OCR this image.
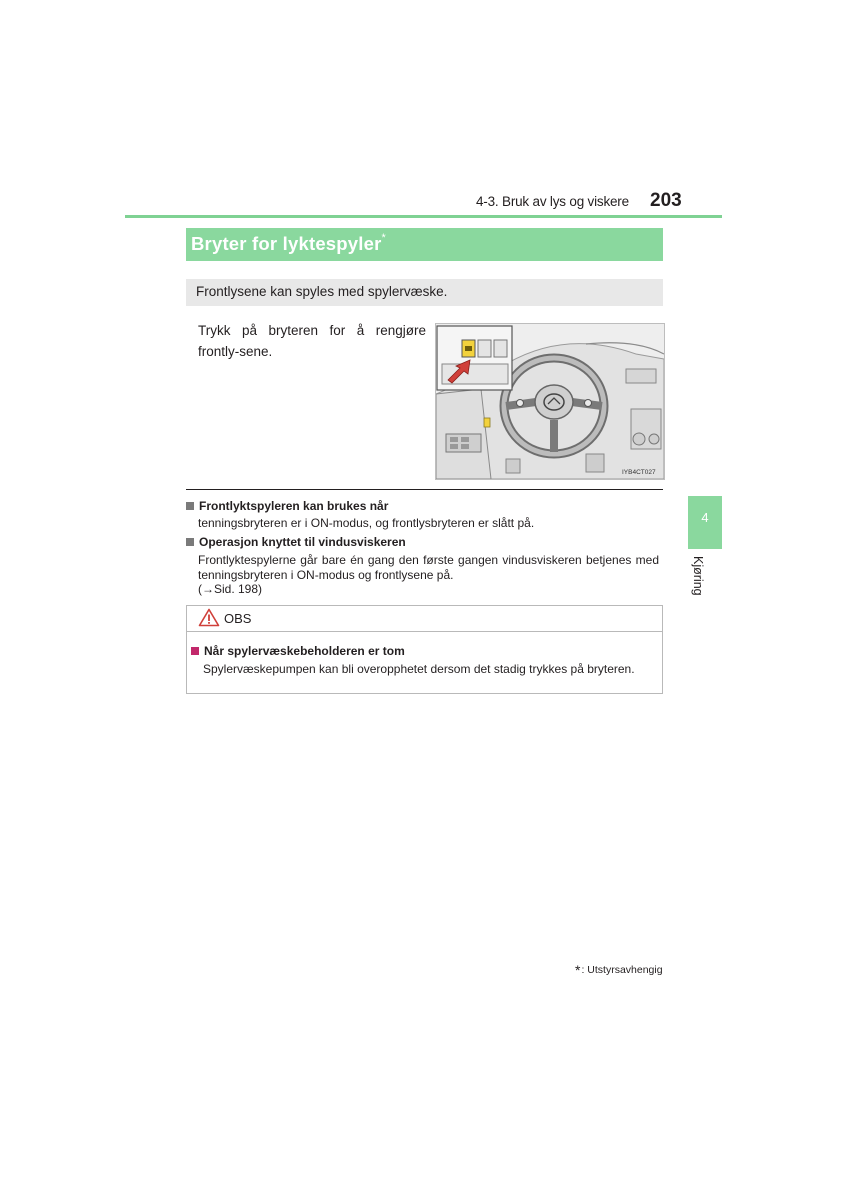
4-3. Bruk av lys og viskere 203
Bryter for lyktespyler*
Frontlysene kan spyles med spylervæske.
Trykk på bryteren for å rengjøre frontly-sene.
IYB4CT027
Frontlyktspyleren kan brukes når
tenningsbryteren er i ON-modus, og frontlysbryteren er slått på.
Operasjon knyttet til vindusviskeren
Frontlyktespylerne går bare én gang den første gangen vindusviskeren betjenes med tenningsbryteren i ON-modus og frontlysene på.
(→Sid. 198)
OBS
Når spylervæskebeholderen er tom
Spylervæskepumpen kan bli overopphetet dersom det stadig trykkes på bryteren.
4
Kjøring
*: Utstyrsavhengig
